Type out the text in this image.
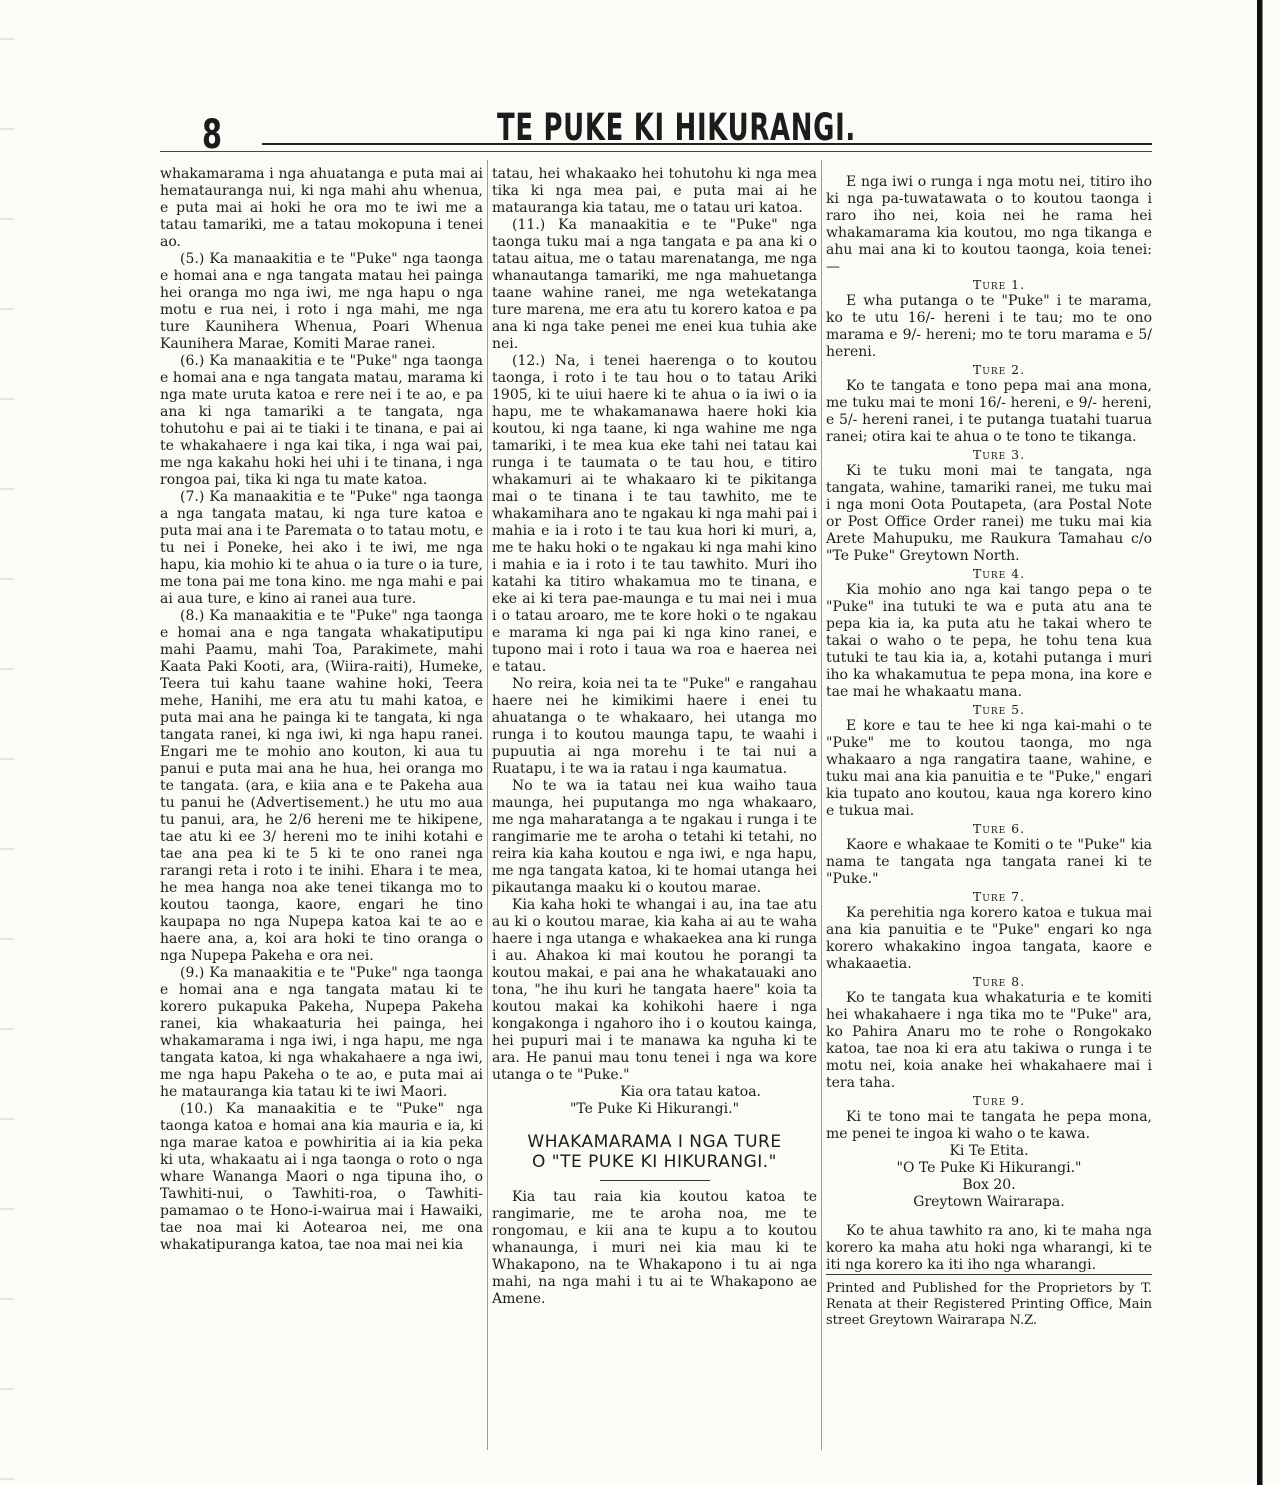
8	TE PUKE KI HIKURANGI.

whakamarama i nga ahuatanga e puta mai ai hematauranga nui, ki nga mahi ahu whenua, e puta mai ai hoki he ora mo te iwi me a tatau tamariki, me a tatau mokopuna i tenei ao.

(5.) Ka manaakitia e te "Puke" nga taonga e homai ana e nga tangata matau hei painga hei oranga mo nga iwi, me nga hapu o nga motu e rua nei, i roto i nga mahi, me nga ture Kaunihera Whenua, Poari Whenua Kaunihera Marae, Komiti Marae ranei.

(6.) Ka manaakitia e te "Puke" nga taonga e homai ana e nga tangata matau, marama ki nga mate uruta katoa e rere nei i te ao, e pa ana ki nga tamariki a te tangata, nga tohutohu e pai ai te tiaki i te tinana, e pai ai te whakahaere i nga kai tika, i nga wai pai, me nga kakahu hoki hei uhi i te tinana, i nga rongoa pai, tika ki nga tu mate katoa.

(7.) Ka manaakitia e te "Puke" nga taonga a nga tangata matau, ki nga ture katoa e puta mai ana i te Paremata o to tatau motu, e tu nei i Poneke, hei ako i te iwi, me nga hapu, kia mohio ki te ahua o ia ture o ia ture, me tona pai me tona kino. me nga mahi e pai ai aua ture, e kino ai ranei aua ture.

(8.) Ka manaakitia e te "Puke" nga taonga e homai ana e nga tangata whakatiputipu mahi Paamu, mahi Toa, Parakimete, mahi Kaata Paki Kooti, ara, (Wiira-raiti), Humeke, Teera tui kahu taane wahine hoki, Teera mehe, Hanihi, me era atu tu mahi katoa, e puta mai ana he painga ki te tangata, ki nga tangata ranei, ki nga iwi, ki nga hapu ranei. Engari me te mohio ano kouton, ki aua tu panui e puta mai ana he hua, hei oranga mo te tangata. (ara, e kiia ana e te Pakeha aua tu panui he (Advertisement.) he utu mo aua tu panui, ara, he 2/6 hereni me te hikipene, tae atu ki ee 3/ hereni mo te inihi kotahi e tae ana pea ki te 5 ki te ono ranei nga rarangi reta i roto i te inihi. Ehara i te mea, he mea hanga noa ake tenei tikanga mo to koutou taonga, kaore, engari he tino kaupapa no nga Nupepa katoa kai te ao e haere ana, a, koi ara hoki te tino oranga o nga Nupepa Pakeha e ora nei.

(9.) Ka manaakitia e te "Puke" nga taonga e homai ana e nga tangata matau ki te korero pukapuka Pakeha, Nupepa Pakeha ranei, kia whakaaturia hei painga, hei whakamarama i nga iwi, i nga hapu, me nga tangata katoa, ki nga whakahaere a nga iwi, me nga hapu Pakeha o te ao, e puta mai ai he matauranga kia tatau ki te iwi Maori.

(10.) Ka manaakitia e te "Puke" nga taonga katoa e homai ana kia mauria e ia, ki nga marae katoa e powhiritia ai ia kia peka ki uta, whakaatu ai i nga taonga o roto o nga whare Wananga Maori o nga tipuna iho, o Tawhiti-nui, o Tawhiti-roa, o Tawhiti-pamamao o te Hono-i-wairua mai i Hawaiki, tae noa mai ki Aotearoa nei, me ona whakatipuranga katoa, tae noa mai nei kia

tatau, hei whakaako hei tohutohu ki nga mea tika ki nga mea pai, e puta mai ai he matauranga kia tatau, me o tatau uri katoa.

(11.) Ka manaakitia e te "Puke" nga taonga tuku mai a nga tangata e pa ana ki o tatau aitua, me o tatau marenatanga, me nga whanautanga tamariki, me nga mahuetanga taane wahine ranei, me nga wetekatanga ture marena, me era atu tu korero katoa e pa ana ki nga take penei me enei kua tuhia ake nei.

(12.) Na, i tenei haerenga o to koutou taonga, i roto i te tau hou o to tatau Ariki 1905, ki te uiui haere ki te ahua o ia iwi o ia hapu, me te whakamanawa haere hoki kia koutou, ki nga taane, ki nga wahine me nga tamariki, i te mea kua eke tahi nei tatau kai runga i te taumata o te tau hou, e titiro whakamuri ai te whakaaro ki te pikitanga mai o te tinana i te tau tawhito, me te whakamihara ano te ngakau ki nga mahi pai i mahia e ia i roto i te tau kua hori ki muri, a, me te haku hoki o te ngakau ki nga mahi kino i mahia e ia i roto i te tau tawhito. Muri iho katahi ka titiro whakamua mo te tinana, e eke ai ki tera pae-maunga e tu mai nei i mua i o tatau aroaro, me te kore hoki o te ngakau e marama ki nga pai ki nga kino ranei, e tupono mai i roto i taua wa roa e haerea nei e tatau.

No reira, koia nei ta te "Puke" e rangahau haere nei he kimikimi haere i enei tu ahuatanga o te whakaaro, hei utanga mo runga i to koutou maunga tapu, te waahi i pupuutia ai nga morehu i te tai nui a Ruatapu, i te wa ia ratau i nga kaumatua.

No te wa ia tatau nei kua waiho taua maunga, hei puputanga mo nga whakaaro, me nga maharatanga a te ngakau i runga i te rangimarie me te aroha o tetahi ki tetahi, no reira kia kaha koutou e nga iwi, e nga hapu, me nga tangata katoa, ki te homai utanga hei pikautanga maaku ki o koutou marae.

Kia kaha hoki te whangai i au, ina tae atu au ki o koutou marae, kia kaha ai au te waha haere i nga utanga e whakaekea ana ki runga i au. Ahakoa ki mai koutou he porangi ta koutou makai, e pai ana he whakatauaki ano tona, "he ihu kuri he tangata haere" koia ta koutou makai ka kohikohi haere i nga kongakonga i ngahoro iho i o koutou kainga, hei pupuri mai i te manawa ka nguha ki te ara. He panui mau tonu tenei i nga wa kore utanga o te "Puke."

Kia ora tatau katoa.

"Te Puke Ki Hikurangi."

WHAKAMARAMA I NGA TURE
O "TE PUKE KI HIKURANGI."

Kia tau raia kia koutou katoa te rangimarie, me te aroha noa, me te rongomau, e kii ana te kupu a to koutou whanaunga, i muri nei kia mau ki te Whakapono, na te Whakapono i tu ai nga mahi, na nga mahi i tu ai te Whakapono ae Amene.

E nga iwi o runga i nga motu nei, titiro iho ki nga pa-tuwatawata o to koutou taonga i raro iho nei, koia nei he rama hei whakamarama kia koutou, mo nga tikanga e ahu mai ana ki to koutou taonga, koia tenei: —

Ture 1.

E wha putanga o te "Puke" i te marama, ko te utu 16/- hereni i te tau; mo te ono marama e 9/- hereni; mo te toru marama e 5/ hereni.

Ture 2.

Ko te tangata e tono pepa mai ana mona, me tuku mai te moni 16/- hereni, e 9/- hereni, e 5/- hereni ranei, i te putanga tuatahi tuarua ranei; otira kai te ahua o te tono te tikanga.

Ture 3.

Ki te tuku moni mai te tangata, nga tangata, wahine, tamariki ranei, me tuku mai i nga moni Oota Poutapeta, (ara Postal Note or Post Office Order ranei) me tuku mai kia Arete Mahupuku, me Raukura Tamahau c/o "Te Puke" Greytown North.

Ture 4.

Kia mohio ano nga kai tango pepa o te "Puke" ina tutuki te wa e puta atu ana te pepa kia ia, ka puta atu he takai whero te takai o waho o te pepa, he tohu tena kua tutuki te tau kia ia, a, kotahi putanga i muri iho ka whakamutua te pepa mona, ina kore e tae mai he whakaatu mana.

Ture 5.

E kore e tau te hee ki nga kai-mahi o te "Puke" me to koutou taonga, mo nga whakaaro a nga rangatira taane, wahine, e tuku mai ana kia panuitia e te "Puke," engari kia tupato ano koutou, kaua nga korero kino e tukua mai.

Ture 6.

Kaore e whakaae te Komiti o te "Puke" kia nama te tangata nga tangata ranei ki te "Puke."

Ture 7.

Ka perehitia nga korero katoa e tukua mai ana kia panuitia e te "Puke" engari ko nga korero whakakino ingoa tangata, kaore e whakaaetia.

Ture 8.

Ko te tangata kua whakaturia e te komiti hei whakahaere i nga tika mo te "Puke" ara, ko Pahira Anaru mo te rohe o Rongokako katoa, tae noa ki era atu takiwa o runga i te motu nei, koia anake hei whakahaere mai i tera taha.

Ture 9.

Ki te tono mai te tangata he pepa mona, me penei te ingoa ki waho o te kawa.

Ki Te Etita.

"O Te Puke Ki Hikurangi."

Box 20.

Greytown Wairarapa.

Ko te ahua tawhito ra ano, ki te maha nga korero ka maha atu hoki nga wharangi, ki te iti nga korero ka iti iho nga wharangi.

Printed and Published for the Proprietors by T. Renata at their Registered Printing Office, Main street Greytown Wairarapa N.Z.
